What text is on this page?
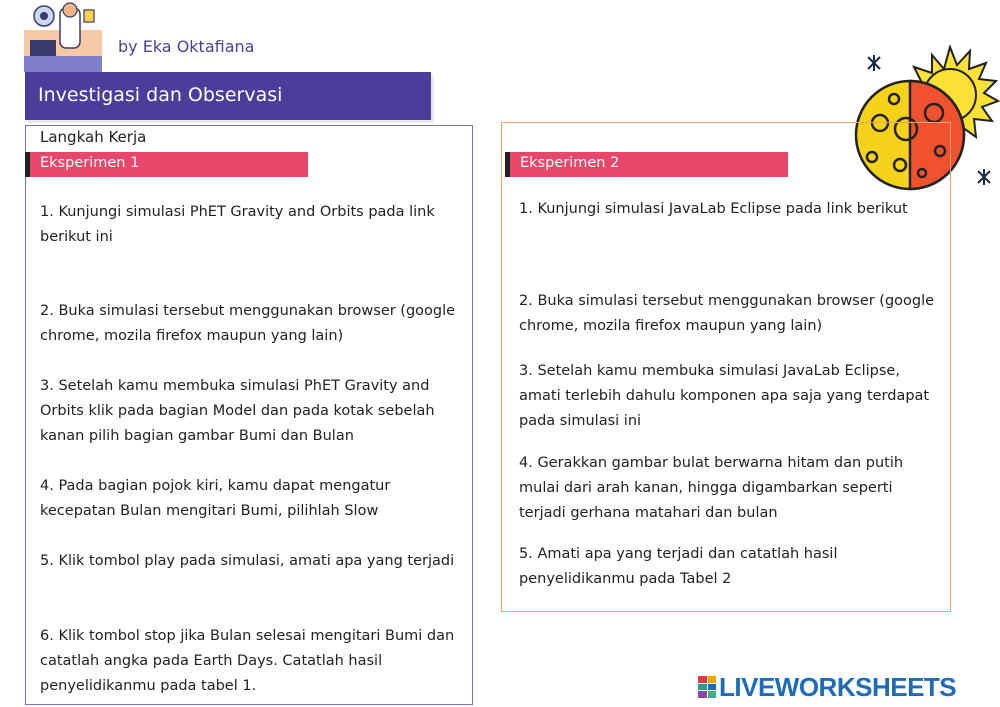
by Eka Oktafiana
Investigasi dan Observasi
Langkah Kerja
Eksperimen 1	Eksperimen 2
1. Kunjungi simulasi PhET Gravity and Orbits pada link berikut ini
2. Buka simulasi tersebut menggunakan browser (google chrome, mozila firefox maupun yang lain)
3. Setelah kamu membuka simulasi PhET Gravity and Orbits klik pada bagian Model dan pada kotak sebelah kanan pilih bagian gambar Bumi dan Bulan
4. Pada bagian pojok kiri, kamu dapat mengatur kecepatan Bulan mengitari Bumi, pilihlah Slow
5. Klik tombol play pada simulasi, amati apa yang terjadi
6. Klik tombol stop jika Bulan selesai mengitari Bumi dan catatlah angka pada Earth Days. Catatlah hasil penyelidikanmu pada tabel 1.
1. Kunjungi simulasi JavaLab Eclipse pada link berikut
2. Buka simulasi tersebut menggunakan browser (google chrome, mozila firefox maupun yang lain)
3. Setelah kamu membuka simulasi JavaLab Eclipse, amati terlebih dahulu komponen apa saja yang terdapat pada simulasi ini
4. Gerakkan gambar bulat berwarna hitam dan putih mulai dari arah kanan, hingga digambarkan seperti terjadi gerhana matahari dan bulan
5. Amati apa yang terjadi dan catatlah hasil penyelidikanmu pada Tabel 2
LIVEWORKSHEETS
